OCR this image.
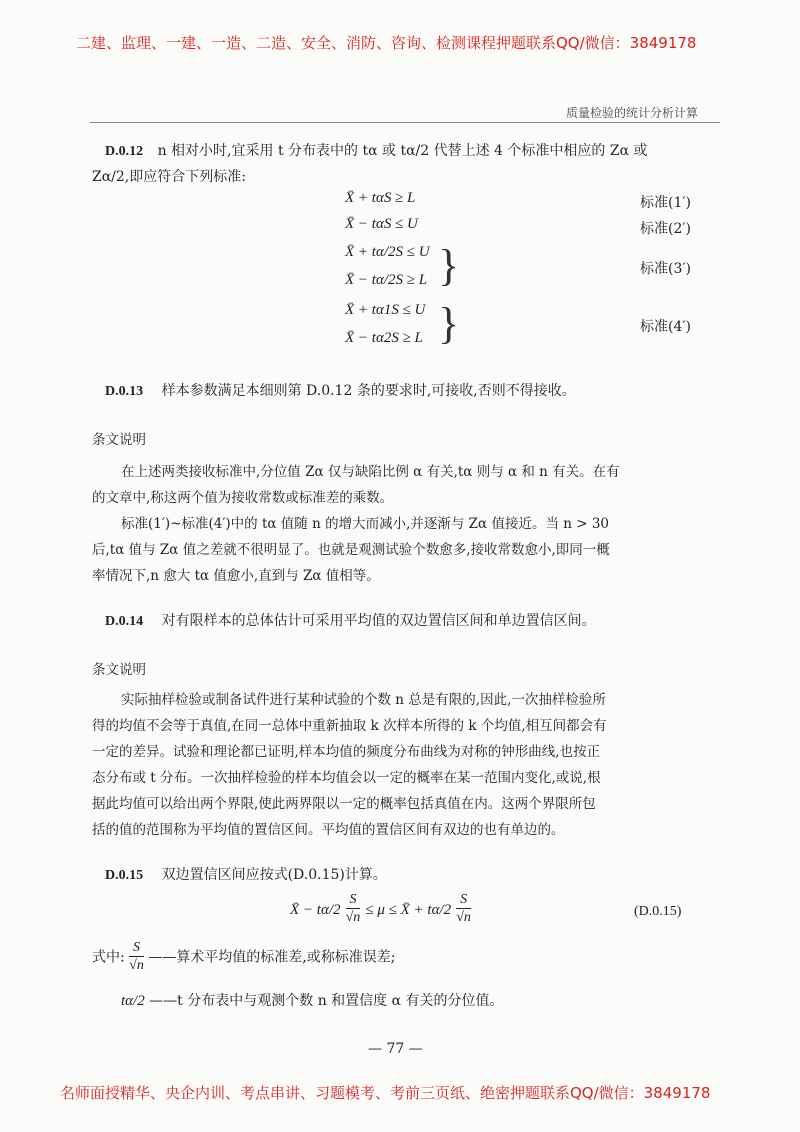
二建、监理、一建、一造、二造、安全、消防、咨询、检测课程押题联系QQ/微信：3849178
质量检验的统计分析计算
D.0.12 n 相对小时,宜采用 t 分布表中的 tα 或 tα/2 代替上述 4 个标准中相应的 Zα 或
Zα/2,即应符合下列标准:
X̄ + tαS ≥ L	标准(1′)
X̄ − tαS ≤ U	标准(2′)
X̄ + tα/2S ≤ U
X̄ − tα/2S ≥ L }	标准(3′)
X̄ + tα1S ≤ U
X̄ − tα2S ≥ L }	标准(4′)
D.0.13 样本参数满足本细则第 D.0.12 条的要求时,可接收,否则不得接收。
条文说明
在上述两类接收标准中,分位值 Zα 仅与缺陷比例 α 有关,tα 则与 α 和 n 有关。在有
的文章中,称这两个值为接收常数或标准差的乘数。
标准(1′)~标准(4′)中的 tα 值随 n 的增大而减小,并逐渐与 Zα 值接近。当 n > 30
后,tα 值与 Zα 值之差就不很明显了。也就是观测试验个数愈多,接收常数愈小,即同一概
率情况下,n 愈大 tα 值愈小,直到与 Zα 值相等。
D.0.14 对有限样本的总体估计可采用平均值的双边置信区间和单边置信区间。
条文说明
实际抽样检验或制备试件进行某种试验的个数 n 总是有限的,因此,一次抽样检验所
得的均值不会等于真值,在同一总体中重新抽取 k 次样本所得的 k 个均值,相互间都会有
一定的差异。试验和理论都已证明,样本均值的频度分布曲线为对称的钟形曲线,也按正
态分布或 t 分布。一次抽样检验的样本均值会以一定的概率在某一范围内变化,或说,根
据此均值可以给出两个界限,使此两界限以一定的概率包括真值在内。这两个界限所包
括的值的范围称为平均值的置信区间。平均值的置信区间有双边的也有单边的。
D.0.15 双边置信区间应按式(D.0.15)计算。
X̄ − $t\alpha/2 \frac{S}{√n} \le \mu$ ≤ X̄ + $t\alpha/2 \frac{S}{√n}$	(D.0.15)
式中: $\frac{S}{√n}$ ——算术平均值的标准差,或称标准误差;
tα/2 ——t 分布表中与观测个数 n 和置信度 α 有关的分位值。
— 77 —
名师面授精华、央企内训、考点串讲、习题模考、考前三页纸、绝密押题联系QQ/微信：3849178
